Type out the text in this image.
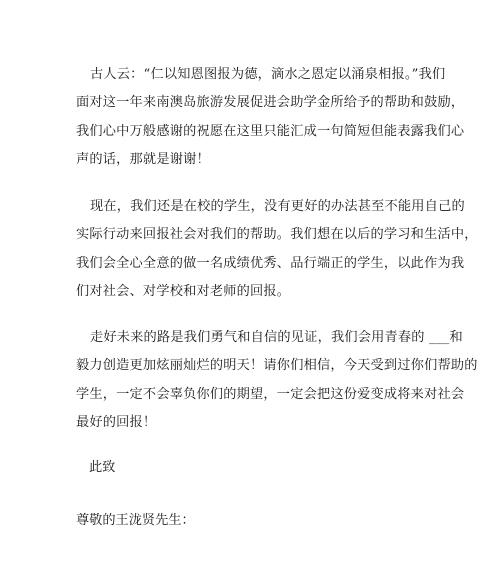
古人云：“仁以知恩图报为德，滴水之恩定以涌泉相报。”我们
面对这一年来南澳岛旅游发展促进会助学金所给予的帮助和鼓励，
我们心中万般感谢的祝愿在这里只能汇成一句简短但能表露我们心
声的话，那就是谢谢！
现在，我们还是在校的学生，没有更好的办法甚至不能用自己的
实际行动来回报社会对我们的帮助。我们想在以后的学习和生活中，
我们会全心全意的做一名成绩优秀、品行端正的学生，以此作为我
们对社会、对学校和对老师的回报。
走好未来的路是我们勇气和自信的见证，我们会用青春的 ___和
毅力创造更加炫丽灿烂的明天！请你们相信，今天受到过你们帮助的
学生，一定不会辜负你们的期望，一定会把这份爱变成将来对社会
最好的回报！

此致

尊敬的王泷贤先生：
